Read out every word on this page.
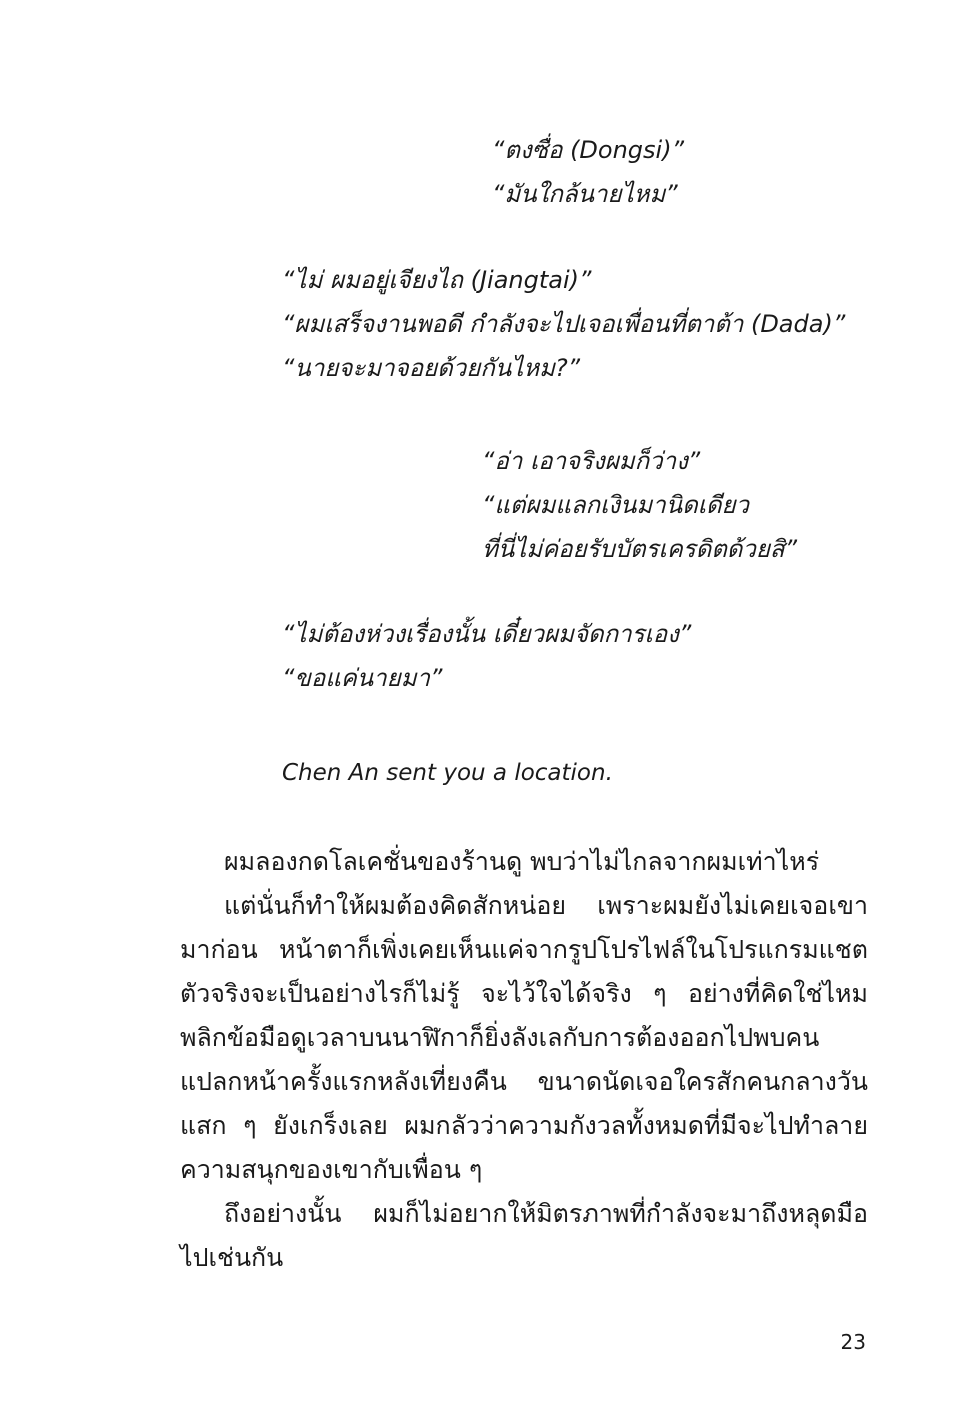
“ตงซื่อ (Dongsi)”
“มันใกล้นายไหม”
“ไม่ ผมอยู่เจียงไถ (Jiangtai)”
“ผมเสร็จงานพอดี กำลังจะไปเจอเพื่อนที่ตาต้า (Dada)”
“นายจะมาจอยด้วยกันไหม?”
“อ่า เอาจริงผมก็ว่าง”
“แต่ผมแลกเงินมานิดเดียว
ที่นี่ไม่ค่อยรับบัตรเครดิตด้วยสิ”
“ไม่ต้องห่วงเรื่องนั้น เดี๋ยวผมจัดการเอง”
“ขอแค่นายมา”
Chen An sent you a location.

ผมลองกดโลเคชั่นของร้านดู พบว่าไม่ไกลจากผมเท่าไหร่

แต่นั่นก็ทำให้ผมต้องคิดสักหน่อย เพราะผมยังไม่เคยเจอเขามาก่อน หน้าตาก็เพิ่งเคยเห็นแค่จากรูปโปรไฟล์ในโปรแกรมแชต ตัวจริงจะเป็นอย่างไรก็ไม่รู้ จะไว้ใจได้จริง ๆ อย่างที่คิดใช่ไหม พลิกข้อมือดูเวลาบนนาฬิกาก็ยิ่งลังเลกับการต้องออกไปพบคนแปลกหน้าครั้งแรกหลังเที่ยงคืน ขนาดนัดเจอใครสักคนกลางวันแสก ๆ ยังเกร็งเลย ผมกลัวว่าความกังวลทั้งหมดที่มีจะไปทำลายความสนุกของเขากับเพื่อน ๆ

ถึงอย่างนั้น ผมก็ไม่อยากให้มิตรภาพที่กำลังจะมาถึงหลุดมือไปเช่นกัน

23
